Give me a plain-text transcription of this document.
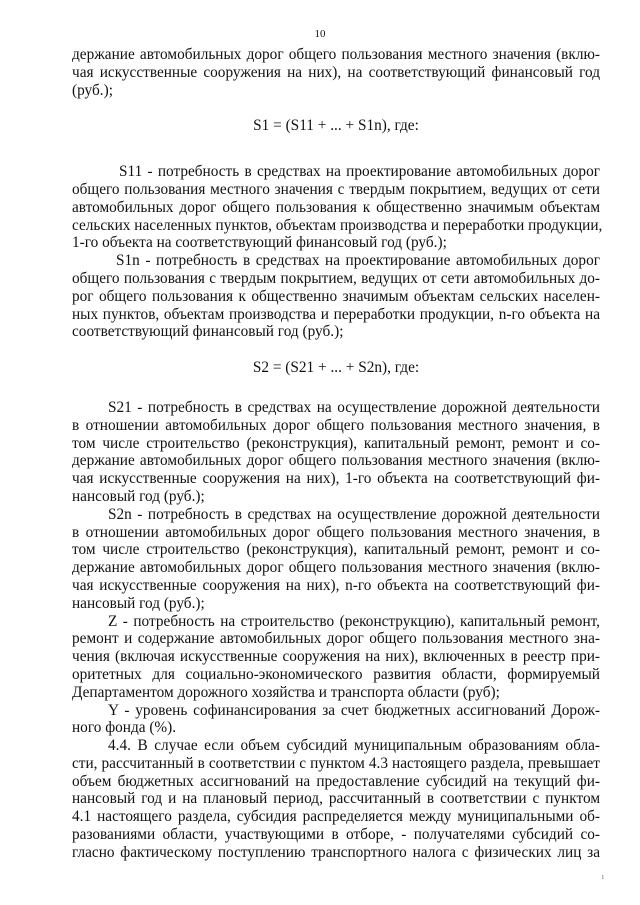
10
держание автомобильных дорог общего пользования местного значения (вклю-
чая искусственные сооружения на них), на соответствующий финансовый год
(руб.);
S1 = (S11 + ... + S1n), где:
S11 - потребность в средствах на проектирование автомобильных дорог
общего пользования местного значения с твердым покрытием, ведущих от сети
автомобильных дорог общего пользования к общественно значимым объектам
сельских населенных пунктов, объектам производства и переработки продукции,
1-го объекта на соответствующий финансовый год (руб.);
S1n - потребность в средствах на проектирование автомобильных дорог
общего пользования с твердым покрытием, ведущих от сети автомобильных до-
рог общего пользования к общественно значимым объектам сельских населен-
ных пунктов, объектам производства и переработки продукции, n-го объекта на
соответствующий финансовый год (руб.);
S2 = (S21 + ... + S2n), где:
S21 - потребность в средствах на осуществление дорожной деятельности
в отношении автомобильных дорог общего пользования местного значения, в
том числе строительство (реконструкция), капитальный ремонт, ремонт и со-
держание автомобильных дорог общего пользования местного значения (вклю-
чая искусственные сооружения на них), 1-го объекта на соответствующий фи-
нансовый год (руб.);
S2n - потребность в средствах на осуществление дорожной деятельности
в отношении автомобильных дорог общего пользования местного значения, в
том числе строительство (реконструкция), капитальный ремонт, ремонт и со-
держание автомобильных дорог общего пользования местного значения (вклю-
чая искусственные сооружения на них), n-го объекта на соответствующий фи-
нансовый год (руб.);
Z - потребность на строительство (реконструкцию), капитальный ремонт,
ремонт и содержание автомобильных дорог общего пользования местного зна-
чения (включая искусственные сооружения на них), включенных в реестр при-
оритетных для социально-экономического развития области, формируемый
Департаментом дорожного хозяйства и транспорта области (руб);
Y - уровень софинансирования за счет бюджетных ассигнований Дорож-
ного фонда (%).
4.4. В случае если объем субсидий муниципальным образованиям обла-
сти, рассчитанный в соответствии с пунктом 4.3 настоящего раздела, превышает
объем бюджетных ассигнований на предоставление субсидий на текущий фи-
нансовый год и на плановый период, рассчитанный в соответствии с пунктом
4.1 настоящего раздела, субсидия распределяется между муниципальными об-
разованиями области, участвующими в отборе, - получателями субсидий со-
гласно фактическому поступлению транспортного налога с физических лиц за
ı
